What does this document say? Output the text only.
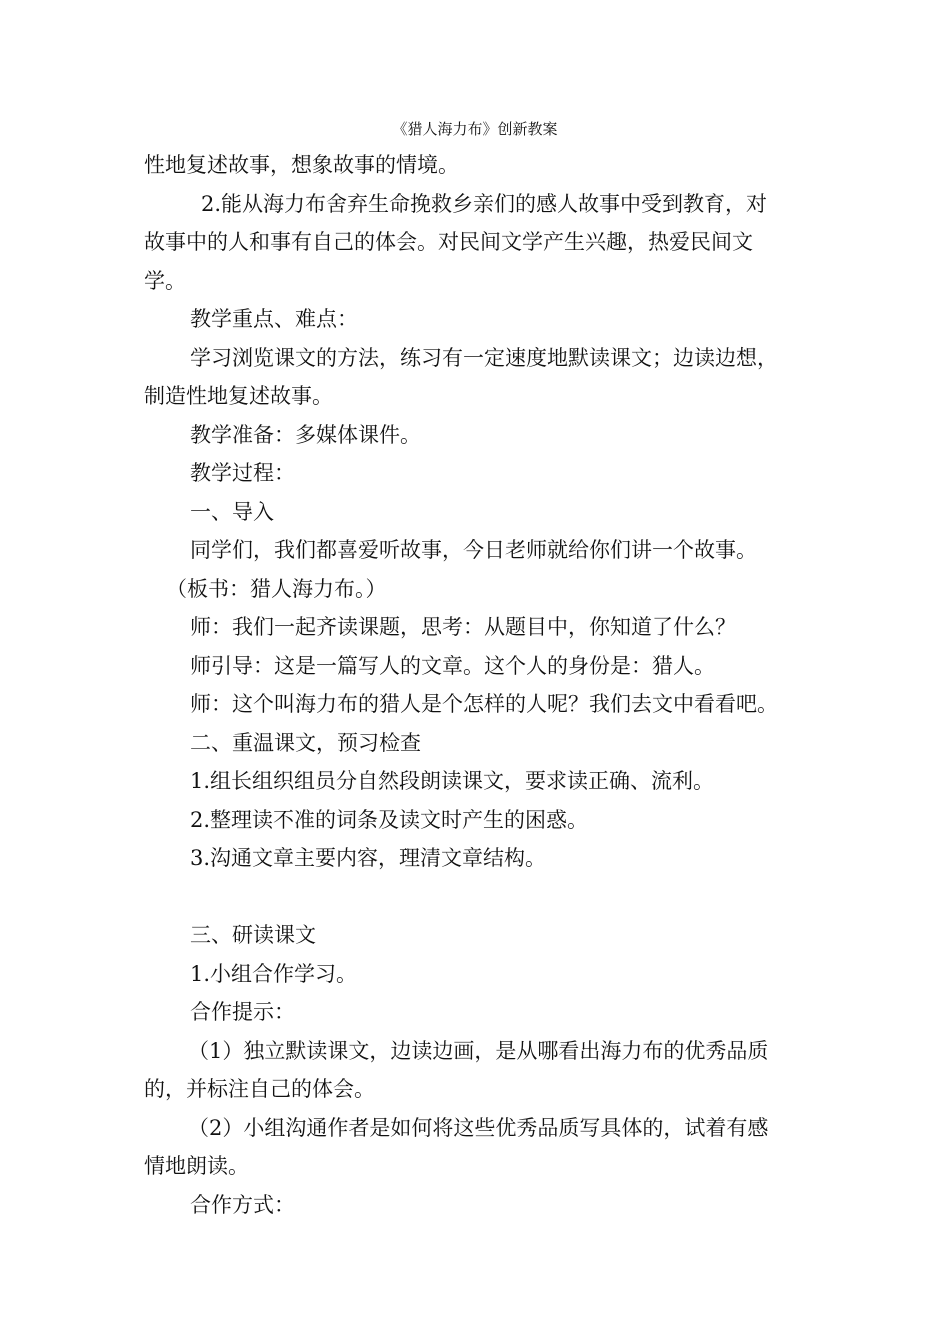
《猎人海力布》创新教案
性地复述故事，想象故事的情境。
2.能从海力布舍弃生命挽救乡亲们的感人故事中受到教育，对
故事中的人和事有自己的体会。对民间文学产生兴趣，热爱民间文
学。
教学重点、难点：
学习浏览课文的方法，练习有一定速度地默读课文；边读边想，
制造性地复述故事。
教学准备：多媒体课件。
教学过程：
一、导入
同学们，我们都喜爱听故事，今日老师就给你们讲一个故事。
（板书：猎人海力布。）
师：我们一起齐读课题，思考：从题目中，你知道了什么？
师引导：这是一篇写人的文章。这个人的身份是：猎人。
师：这个叫海力布的猎人是个怎样的人呢？我们去文中看看吧。
二、重温课文，预习检查
1.组长组织组员分自然段朗读课文，要求读正确、流利。
2.整理读不准的词条及读文时产生的困惑。
3.沟通文章主要内容，理清文章结构。
三、研读课文
1.小组合作学习。
合作提示：
（1）独立默读课文，边读边画，是从哪看出海力布的优秀品质
的，并标注自己的体会。
（2）小组沟通作者是如何将这些优秀品质写具体的，试着有感
情地朗读。
合作方式：
